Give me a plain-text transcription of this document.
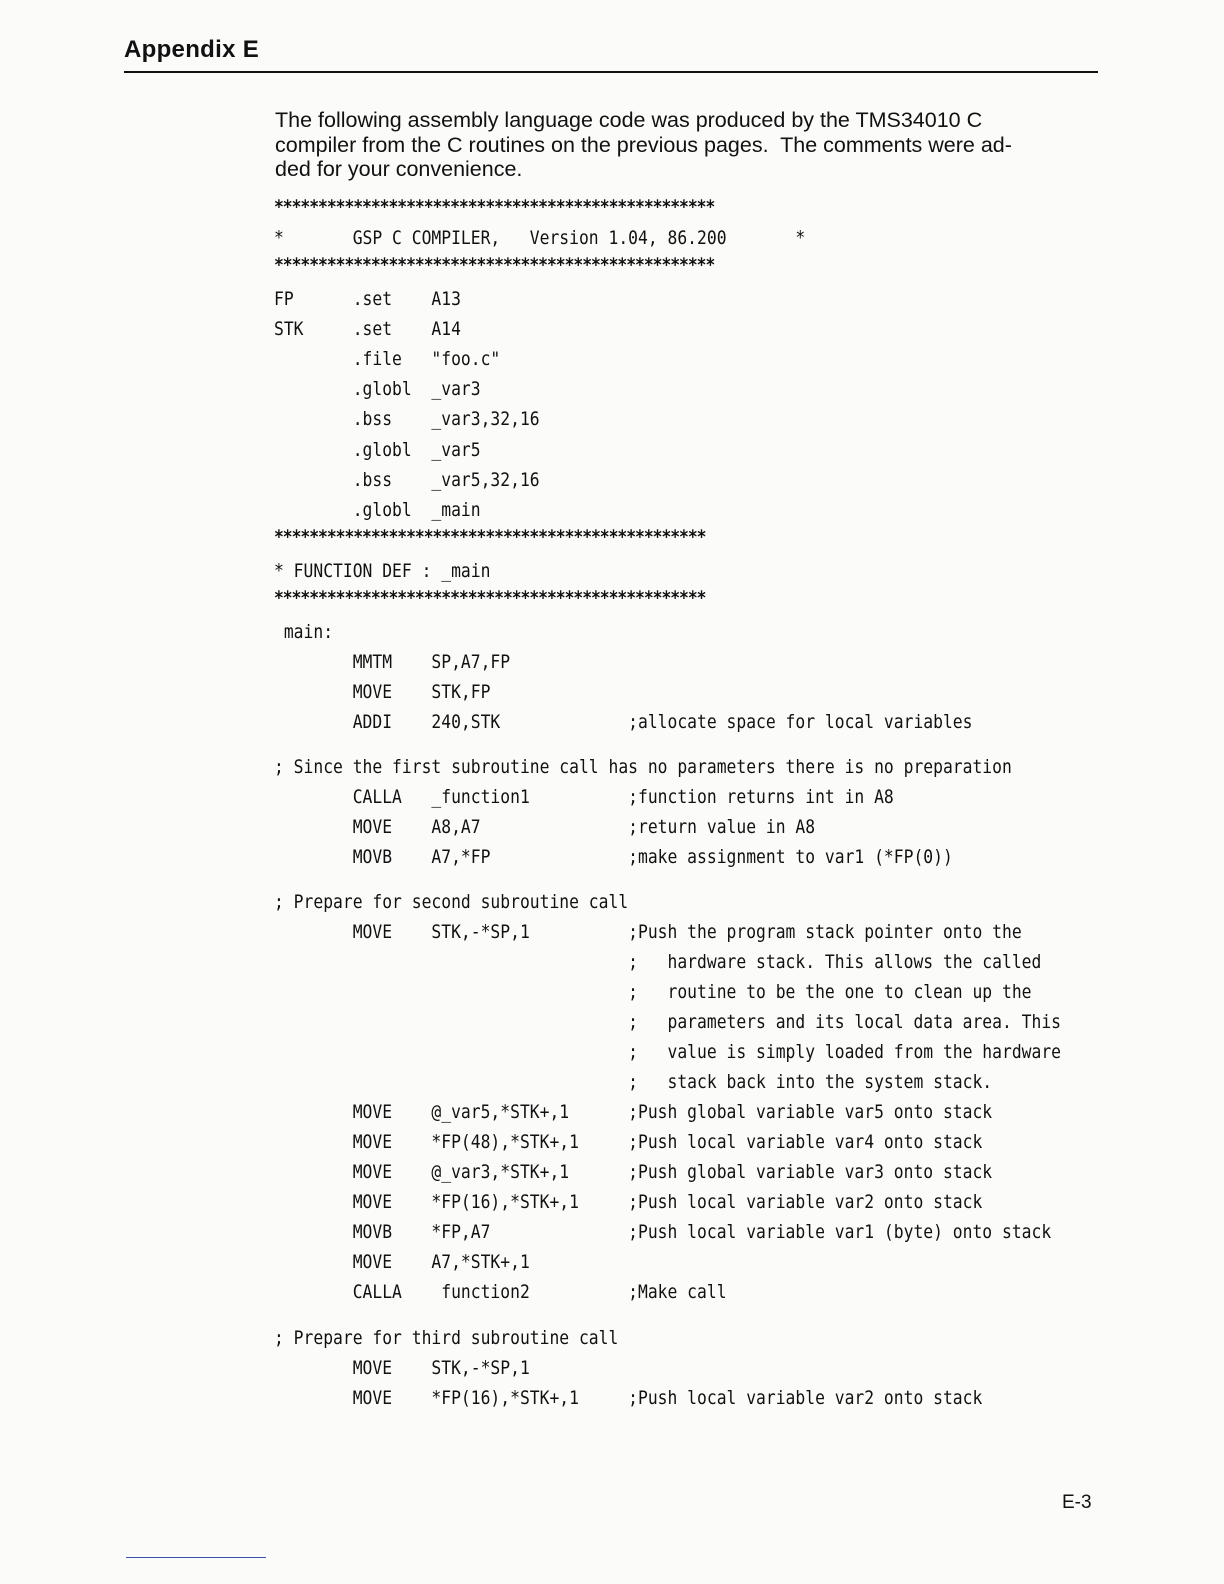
Appendix E
The following assembly language code was produced by the TMS34010 C
compiler from the C routines on the previous pages.  The comments were ad-
ded for your convenience.
**************************************************
*       GSP C COMPILER,   Version 1.04, 86.200       *
**************************************************
FP      .set    A13
STK     .set    A14
.file   "foo.c"
.globl  _var3
.bss    _var3,32,16
.globl  _var5
.bss    _var5,32,16
.globl  _main
*************************************************
* FUNCTION DEF : _main
*************************************************
main:
MMTM    SP,A7,FP
MOVE    STK,FP
ADDI    240,STK             ;allocate space for local variables
; Since the first subroutine call has no parameters there is no preparation
CALLA   _function1          ;function returns int in A8
MOVE    A8,A7               ;return value in A8
MOVB    A7,*FP              ;make assignment to var1 (*FP(0))
; Prepare for second subroutine call
MOVE    STK,-*SP,1          ;Push the program stack pointer onto the
;   hardware stack. This allows the called
;   routine to be the one to clean up the
;   parameters and its local data area. This
;   value is simply loaded from the hardware
;   stack back into the system stack.
MOVE    @_var5,*STK+,1      ;Push global variable var5 onto stack
MOVE    *FP(48),*STK+,1     ;Push local variable var4 onto stack
MOVE    @_var3,*STK+,1      ;Push global variable var3 onto stack
MOVE    *FP(16),*STK+,1     ;Push local variable var2 onto stack
MOVB    *FP,A7              ;Push local variable var1 (byte) onto stack
MOVE    A7,*STK+,1
CALLA    function2          ;Make call
; Prepare for third subroutine call
MOVE    STK,-*SP,1
MOVE    *FP(16),*STK+,1     ;Push local variable var2 onto stack

E-3
